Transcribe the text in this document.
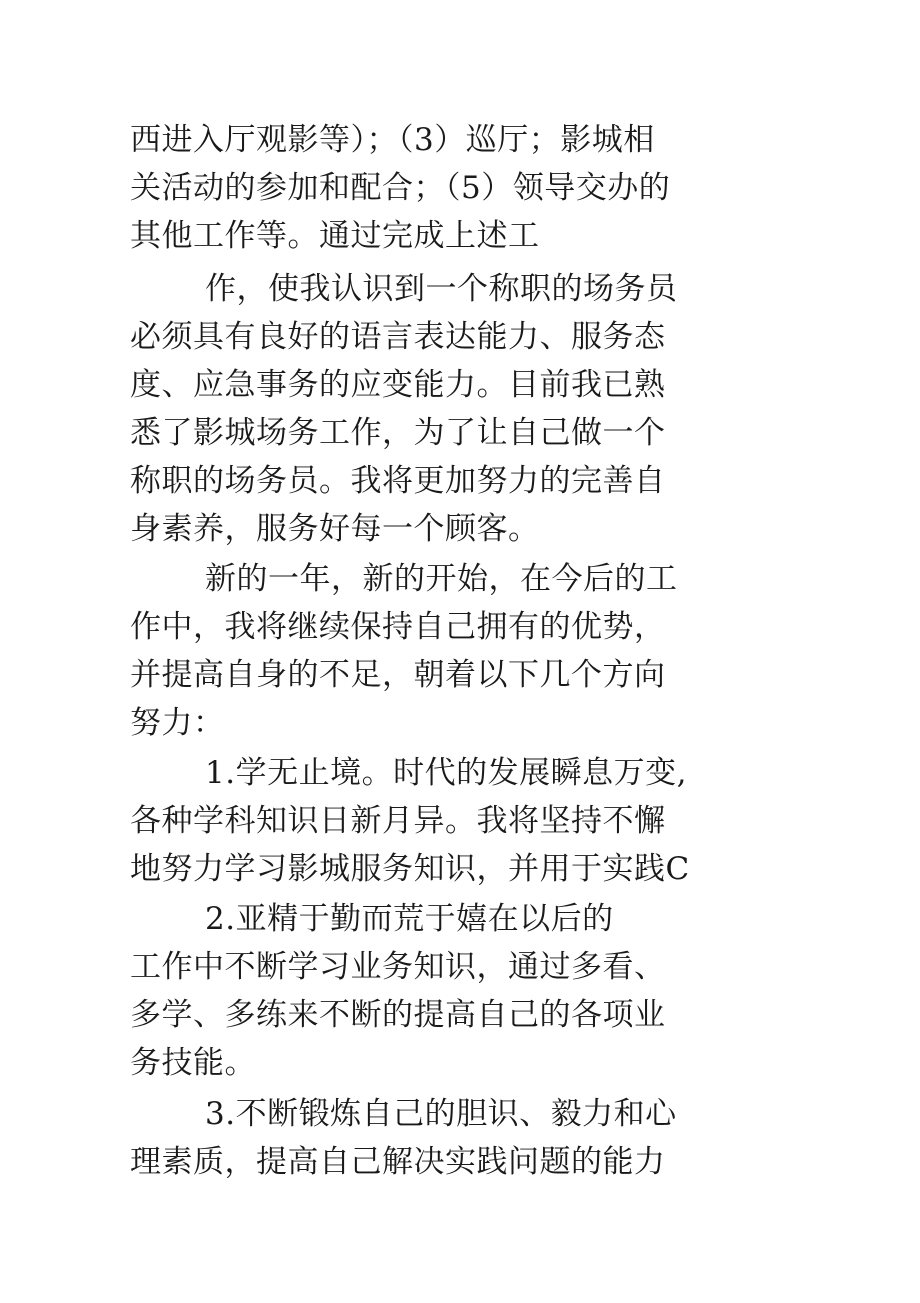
西进入厅观影等）；（3）巡厅；影城相
关活动的参加和配合；（5）领导交办的
其他工作等。通过完成上述工
作，使我认识到一个称职的场务员
必须具有良好的语言表达能力、服务态
度、应急事务的应变能力。目前我已熟
悉了影城场务工作，为了让自己做一个
称职的场务员。我将更加努力的完善自
身素养，服务好每一个顾客。
新的一年，新的开始，在今后的工
作中，我将继续保持自己拥有的优势，
并提高自身的不足，朝着以下几个方向
努力：
1.学无止境。时代的发展瞬息万变,
各种学科知识日新月异。我将坚持不懈
地努力学习影城服务知识，并用于实践C
2.亚精于勤而荒于嬉在以后的
工作中不断学习业务知识，通过多看、
多学、多练来不断的提高自己的各项业
务技能。
3.不断锻炼自己的胆识、毅力和心
理素质，提高自己解决实践问题的能力
